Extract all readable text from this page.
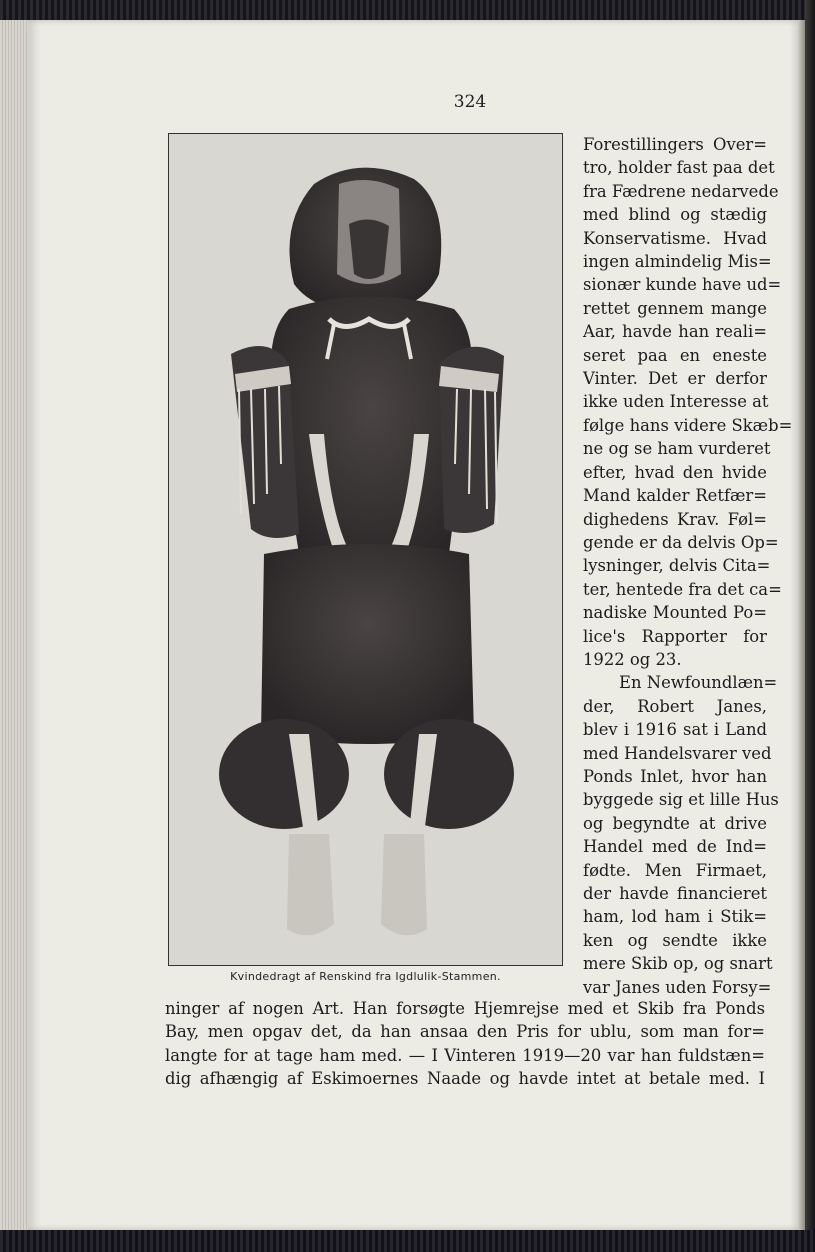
324
Kvindedragt af Renskind fra Igdlulik-Stammen.
Forestillingers Over=
tro, holder fast paa det
fra Fædrene nedarvede
med blind og stædig
Konservatisme. Hvad
ingen almindelig Mis=
sionær kunde have ud=
rettet gennem mange
Aar, havde han reali=
seret paa en eneste
Vinter. Det er derfor
ikke uden Interesse at
følge hans videre Skæb=
ne og se ham vurderet
efter, hvad den hvide
Mand kalder Retfær=
dighedens Krav. Føl=
gende er da delvis Op=
lysninger, delvis Cita=
ter, hentede fra det ca=
nadiske Mounted Po=
lice's Rapporter for
1922 og 23.
En Newfoundlæn=
der, Robert Janes,
blev i 1916 sat i Land
med Handelsvarer ved
Ponds Inlet, hvor han
byggede sig et lille Hus
og begyndte at drive
Handel med de Ind=
fødte. Men Firmaet,
der havde financieret
ham, lod ham i Stik=
ken og sendte ikke
mere Skib op, og snart
var Janes uden Forsy=
ninger af nogen Art. Han forsøgte Hjemrejse med et Skib fra Ponds
Bay, men opgav det, da han ansaa den Pris for ublu, som man for=
langte for at tage ham med. — I Vinteren 1919—20 var han fuldstæn=
dig afhængig af Eskimoernes Naade og havde intet at betale med. I
